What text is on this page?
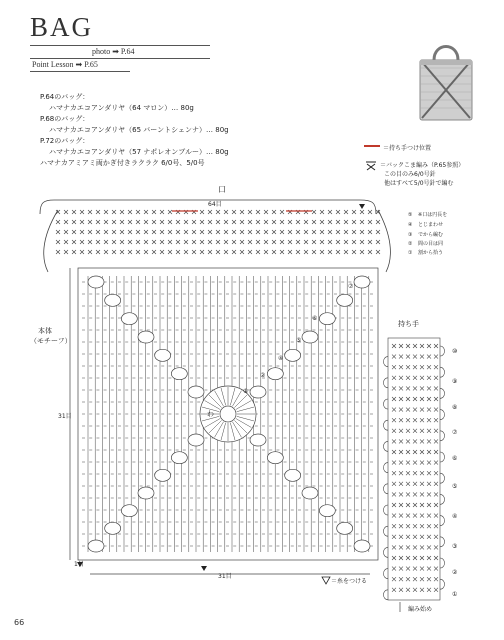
BAG
photo ➡ P.64
Point Lesson ➡ P.65
P.64のバッグ：
ハマナカエコアンダリヤ（64 マロン）… 80g
P.68のバッグ：
ハマナカエコアンダリヤ（65 バーントシェンナ）… 80g
P.72のバッグ：
ハマナカエコアンダリヤ（57 ナポレオンブルー）… 80g
ハマナカアミアミ両かぎ付きラクラク 6/0号、5/0号
＝持ち手つけ位置
＝バックこま編み（P.65参照）
この目のみ6/0号針
他はすべて5/0号針で編む
口
64目
本体
（モチーフ）
31目
31目
1目
わ
⑦
⑥
⑤
④
②
①
⑤ ※口は円長を
④ とじまわせ
③ でから編む
② 間の目は同
① 割から拾う
＝糸をつける
持ち手
⑩
⑨
⑧
⑦
⑥
⑤
④
③
②
①
編み始め
66
